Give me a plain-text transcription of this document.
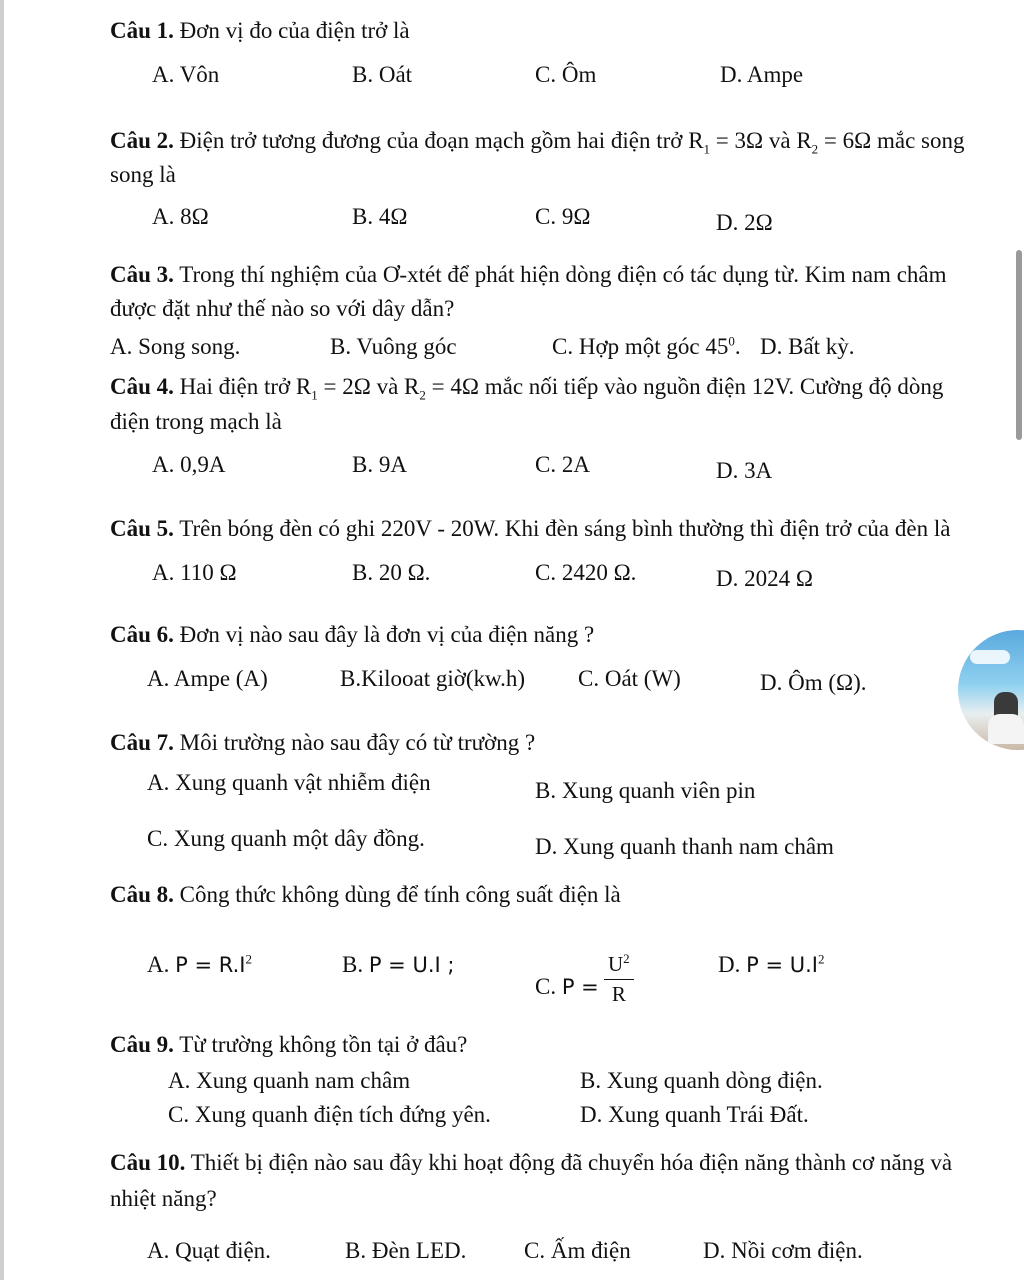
Câu 1. Đơn vị đo của điện trở là
A. Vôn	B. Oát	C. Ôm	D. Ampe
Câu 2. Điện trở tương đương của đoạn mạch gồm hai điện trở $R_1 = 3\Omega$ và $R_2 = 6\Omega$ mắc song
song là
A. 8Ω	B. 4Ω	C. 9Ω	D. 2Ω
Câu 3. Trong thí nghiệm của Ơ-xtét để phát hiện dòng điện có tác dụng từ. Kim nam châm
được đặt như thế nào so với dây dẫn?
A. Song song.	B. Vuông góc	C. Hợp một góc $45^0$. D. Bất kỳ.
Câu 4. Hai điện trở $R_1 = 2\Omega$ và $R_2 = 4\Omega$ mắc nối tiếp vào nguồn điện 12V. Cường độ dòng
điện trong mạch là
A. 0,9A	B. 9A	C. 2A	D. 3A
Câu 5. Trên bóng đèn có ghi 220V - 20W. Khi đèn sáng bình thường thì điện trở của đèn là
A. 110 Ω	B. 20 Ω.	C. 2420 Ω.	D. 2024 Ω
Câu 6. Đơn vị nào sau đây là đơn vị của điện năng ?
A. Ampe (A)	B.Kilooat giờ(kw.h) C. Oát (W)	D. Ôm (Ω).
Câu 7. Môi trường nào sau đây có từ trường ?
A. Xung quanh vật nhiễm điện	B. Xung quanh viên pin
C. Xung quanh một dây đồng.	D. Xung quanh thanh nam châm
Câu 8. Công thức không dùng để tính công suất điện là
A. $P = R.I^2$	B. P = U.I ;
C. $P = \frac{U^2}{R}$	D. $P = U.I^2$
Câu 9. Từ trường không tồn tại ở đâu?
A. Xung quanh nam châm	B. Xung quanh dòng điện.
C. Xung quanh điện tích đứng yên.	D. Xung quanh Trái Đất.
Câu 10. Thiết bị điện nào sau đây khi hoạt động đã chuyển hóa điện năng thành cơ năng và
nhiệt năng?
A. Quạt điện.	B. Đèn LED.	C. Ấm điện	D. Nồi cơm điện.
